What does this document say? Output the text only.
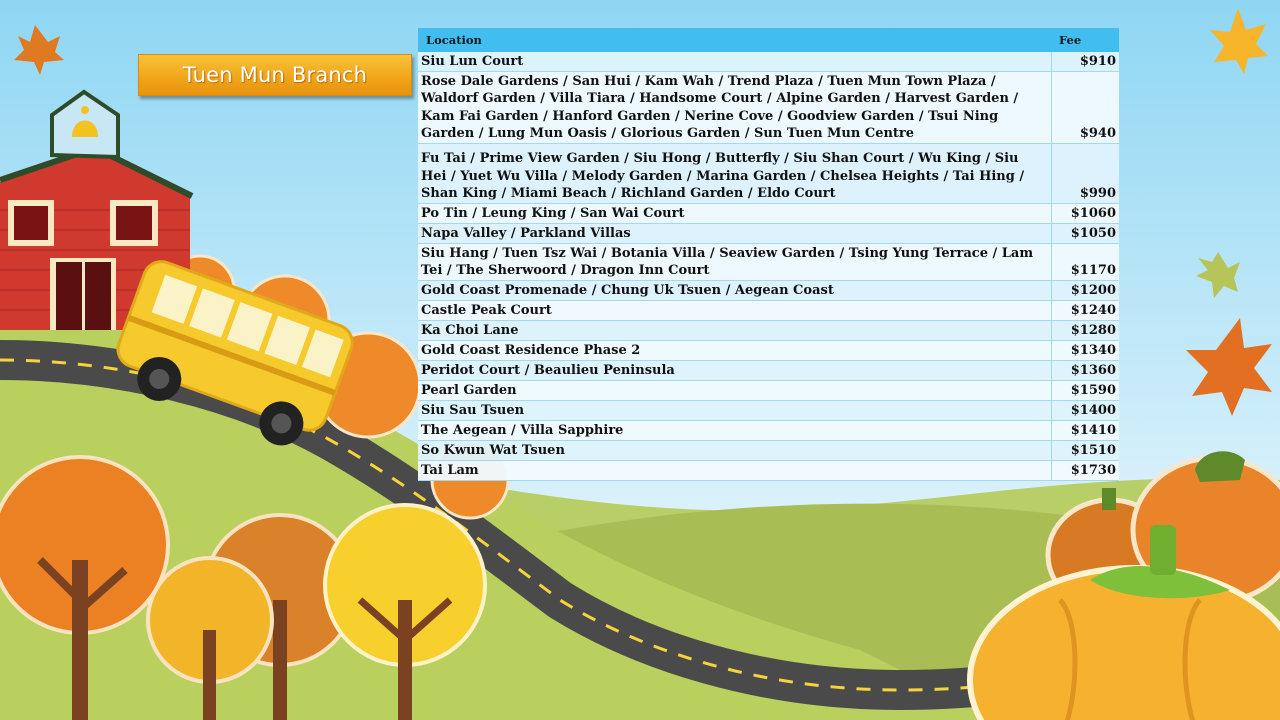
Tuen Mun Branch
Location	Fee
Siu Lun Court	$910
Rose Dale Gardens / San Hui / Kam Wah / Trend Plaza / Tuen Mun Town Plaza / Waldorf Garden / Villa Tiara / Handsome Court / Alpine Garden / Harvest Garden / Kam Fai Garden / Hanford Garden / Nerine Cove / Goodview Garden / Tsui Ning Garden / Lung Mun Oasis / Glorious Garden / Sun Tuen Mun Centre	$940
Fu Tai / Prime View Garden / Siu Hong / Butterfly / Siu Shan Court / Wu King / Siu Hei / Yuet Wu Villa / Melody Garden / Marina Garden / Chelsea Heights / Tai Hing / Shan King / Miami Beach / Richland Garden / Eldo Court	$990
Po Tin / Leung King / San Wai Court	$1060
Napa Valley / Parkland Villas	$1050
Siu Hang / Tuen Tsz Wai / Botania Villa / Seaview Garden / Tsing Yung Terrace / Lam Tei / The Sherwoord / Dragon Inn Court	$1170
Gold Coast Promenade / Chung Uk Tsuen / Aegean Coast	$1200
Castle Peak Court	$1240
Ka Choi Lane	$1280
Gold Coast Residence Phase 2	$1340
Peridot Court / Beaulieu Peninsula	$1360
Pearl Garden	$1590
Siu Sau Tsuen	$1400
The Aegean / Villa Sapphire	$1410
So Kwun Wat Tsuen	$1510
Tai Lam	$1730
